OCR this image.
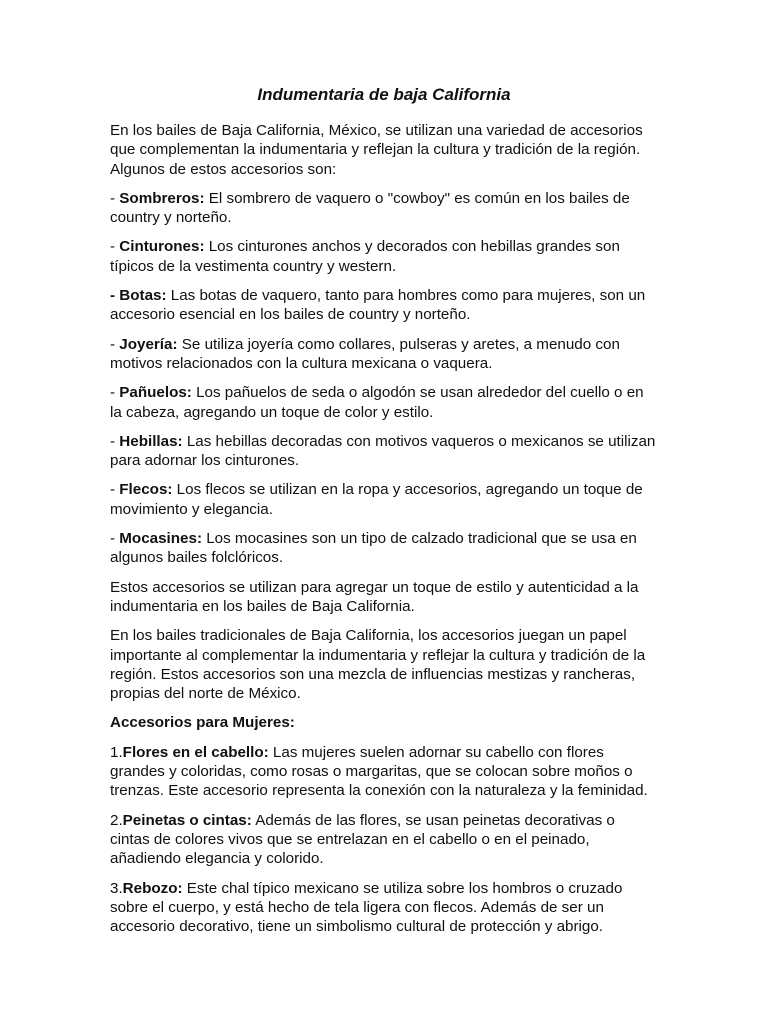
Indumentaria de baja California

En los bailes de Baja California, México, se utilizan una variedad de accesorios que complementan la indumentaria y reflejan la cultura y tradición de la región. Algunos de estos accesorios son:

- Sombreros: El sombrero de vaquero o "cowboy" es común en los bailes de country y norteño.

- Cinturones: Los cinturones anchos y decorados con hebillas grandes son típicos de la vestimenta country y western.

- Botas: Las botas de vaquero, tanto para hombres como para mujeres, son un accesorio esencial en los bailes de country y norteño.

- Joyería: Se utiliza joyería como collares, pulseras y aretes, a menudo con motivos relacionados con la cultura mexicana o vaquera.

- Pañuelos: Los pañuelos de seda o algodón se usan alrededor del cuello o en la cabeza, agregando un toque de color y estilo.

- Hebillas: Las hebillas decoradas con motivos vaqueros o mexicanos se utilizan para adornar los cinturones.

- Flecos: Los flecos se utilizan en la ropa y accesorios, agregando un toque de movimiento y elegancia.

- Mocasines: Los mocasines son un tipo de calzado tradicional que se usa en algunos bailes folclóricos.

Estos accesorios se utilizan para agregar un toque de estilo y autenticidad a la indumentaria en los bailes de Baja California.

En los bailes tradicionales de Baja California, los accesorios juegan un papel importante al complementar la indumentaria y reflejar la cultura y tradición de la región. Estos accesorios son una mezcla de influencias mestizas y rancheras, propias del norte de México.

Accesorios para Mujeres:

1.Flores en el cabello: Las mujeres suelen adornar su cabello con flores grandes y coloridas, como rosas o margaritas, que se colocan sobre moños o trenzas. Este accesorio representa la conexión con la naturaleza y la feminidad.

2.Peinetas o cintas: Además de las flores, se usan peinetas decorativas o cintas de colores vivos que se entrelazan en el cabello o en el peinado, añadiendo elegancia y colorido.

3.Rebozo: Este chal típico mexicano se utiliza sobre los hombros o cruzado sobre el cuerpo, y está hecho de tela ligera con flecos. Además de ser un accesorio decorativo, tiene un simbolismo cultural de protección y abrigo.
